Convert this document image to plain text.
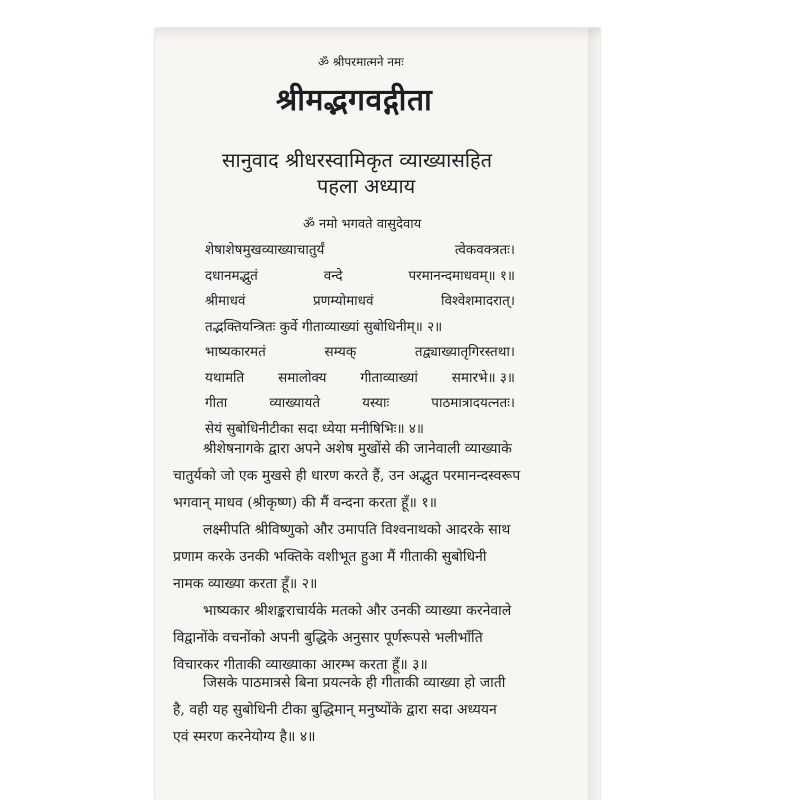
ॐ श्रीपरमात्मने नमः
श्रीमद्भगवद्गीता
सानुवाद श्रीधरस्वामिकृत व्याख्यासहित
पहला अध्याय
ॐ नमो भगवते वासुदेवाय
शेषाशेषमुखव्याख्याचातुर्यं	त्वेकवक्त्रतः।
दधानमद्भुतं	वन्दे	परमानन्दमाधवम्॥ १॥
श्रीमाधवं	प्रणम्योमाधवं	विश्वेशमादरात्।
तद्भक्तियन्त्रितः कुर्वे गीताव्याख्यां सुबोधिनीम्॥ २॥
भाष्यकारमतं	सम्यक्	तद्व्याख्यातृगिरस्तथा।
यथामति	समालोक्य	गीताव्याख्यां	समारभे॥ ३॥
गीता	व्याख्यायते	यस्याः	पाठमात्रादयत्नतः।
सेयं सुबोधिनीटीका सदा ध्येया मनीषिभिः॥ ४॥
श्रीशेषनागके द्वारा अपने अशेष मुखोंसे की जानेवाली व्याख्याके
चातुर्यको जो एक मुखसे ही धारण करते हैं, उन अद्भुत परमानन्दस्वरूप
भगवान् माधव (श्रीकृष्ण) की मैं वन्दना करता हूँ॥ १॥
लक्ष्मीपति श्रीविष्णुको और उमापति विश्वनाथको आदरके साथ
प्रणाम करके उनकी भक्तिके वशीभूत हुआ मैं गीताकी सुबोधिनी
नामक व्याख्या करता हूँ॥ २॥
भाष्यकार श्रीशङ्कराचार्यके मतको और उनकी व्याख्या करनेवाले
विद्वानोंके वचनोंको अपनी बुद्धिके अनुसार पूर्णरूपसे भलीभाँति
विचारकर गीताकी व्याख्याका आरम्भ करता हूँ॥ ३॥
जिसके पाठमात्रसे बिना प्रयत्नके ही गीताकी व्याख्या हो जाती
है, वही यह सुबोधिनी टीका बुद्धिमान् मनुष्योंके द्वारा सदा अध्ययन
एवं स्मरण करनेयोग्य है॥ ४॥
